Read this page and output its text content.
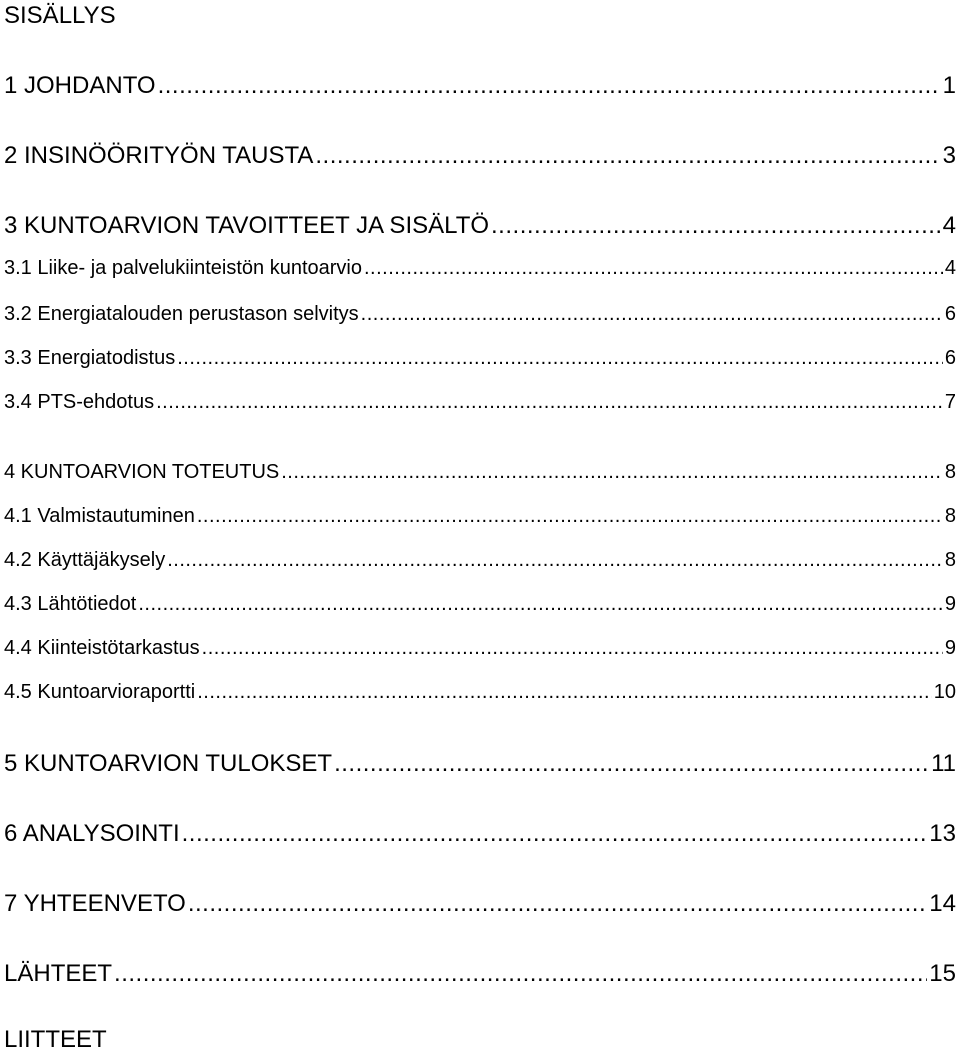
SISÄLLYS
1 JOHDANTO .....	1
2 INSINÖÖRITYÖN TAUSTA .....	3
3 KUNTOARVION TAVOITTEET JA SISÄLTÖ .....	4
3.1 Liike- ja palvelukiinteistön kuntoarvio .....	4
3.2 Energiatalouden perustason selvitys .....	6
3.3 Energiatodistus .....	6
3.4 PTS-ehdotus .....	7
4 KUNTOARVION TOTEUTUS .....	8
4.1 Valmistautuminen .....	8
4.2 Käyttäjäkysely .....	8
4.3 Lähtötiedot .....	9
4.4 Kiinteistötarkastus .....	9
4.5 Kuntoarvioraportti .....	10
5 KUNTOARVION TULOKSET .....	11
6 ANALYSOINTI .....	13
7 YHTEENVETO .....	14
LÄHTEET .....	15
LIITTEET
